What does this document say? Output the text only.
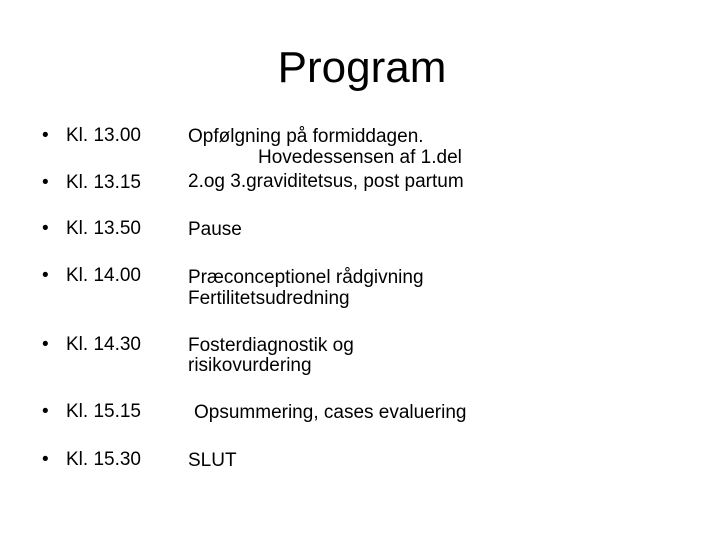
Program
• Kl. 13.00
• Kl. 13.15
• Kl. 13.50
• Kl. 14.00
• Kl. 14.30
• Kl. 15.15
• Kl. 15.30
Opfølgning på formiddagen.
Hovedessensen af 1.del
2.og 3.graviditetsus, post partum
Pause
Præconceptionel rådgivning
Fertilitetsudredning
Fosterdiagnostik og
risikovurdering
Opsummering, cases evaluering
SLUT
